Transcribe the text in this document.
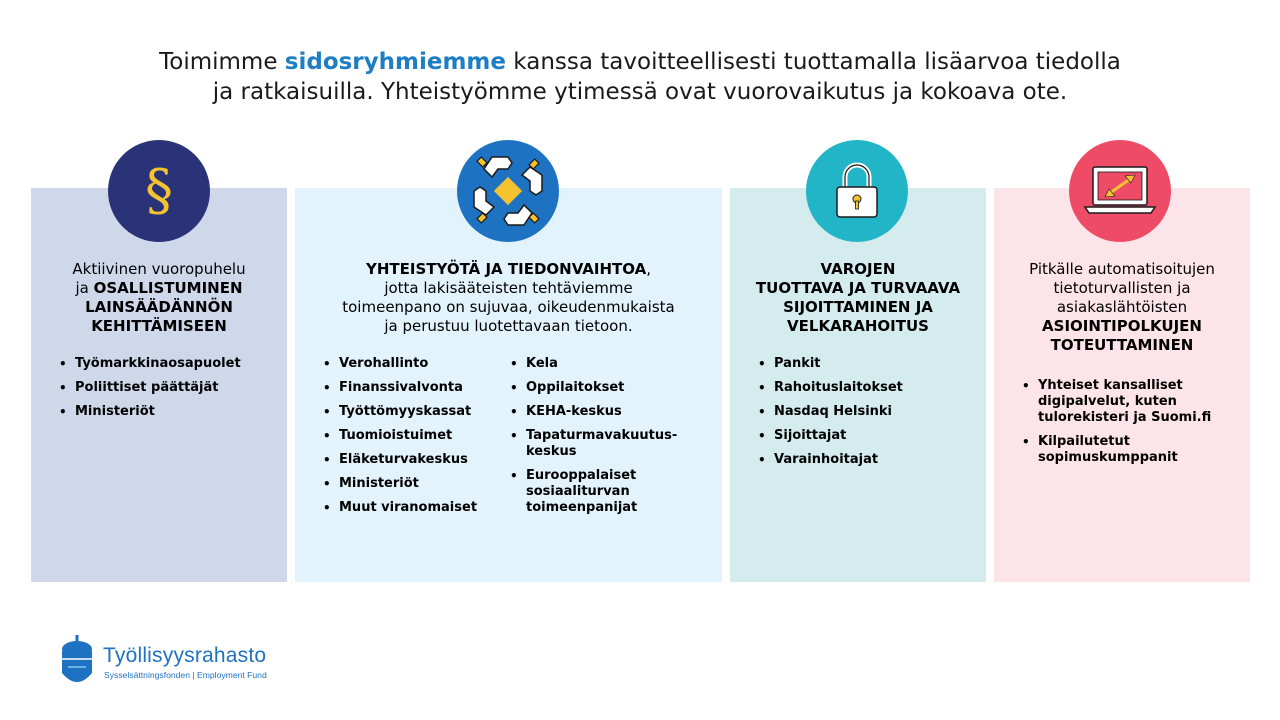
Toimimme sidosryhmiemme kanssa tavoitteellisesti tuottamalla lisäarvoa tiedolla
ja ratkaisuilla. Yhteistyömme ytimessä ovat vuorovaikutus ja kokoava ote.
Aktiivinen vuoropuhelu
ja OSALLISTUMINEN
LAINSÄÄDÄNNÖN
KEHITTÄMISEEN
• Työmarkkinaosapuolet
• Poliittiset päättäjät
• Ministeriöt
YHTEISTYÖTÄ JA TIEDONVAIHTOA,
jotta lakisääteisten tehtäviemme
toimeenpano on sujuvaa, oikeudenmukaista
ja perustuu luotettavaan tietoon.
• Verohallinto
• Finanssivalvonta
• Työttömyyskassat
• Tuomioistuimet
• Eläketurvakeskus
• Ministeriöt
• Muut viranomaiset
• Kela
• Oppilaitokset
• KEHA-keskus
• Tapaturmavakuutus-keskus
• Eurooppalaiset sosiaaliturvan toimeenpanijat
VAROJEN
TUOTTAVA JA TURVAAVA
SIJOITTAMINEN JA
VELKARAHOITUS
• Pankit
• Rahoituslaitokset
• Nasdaq Helsinki
• Sijoittajat
• Varainhoitajat
Pitkälle automatisoitujen
tietoturvallisten ja
asiakaslähtöisten
ASIOINTIPOLKUJEN
TOTEUTTAMINEN
• Yhteiset kansalliset digipalvelut, kuten tulorekisteri ja Suomi.fi
• Kilpailutetut sopimuskumppanit
§
Työllisyysrahasto
Sysselsättningsfonden | Employment Fund
